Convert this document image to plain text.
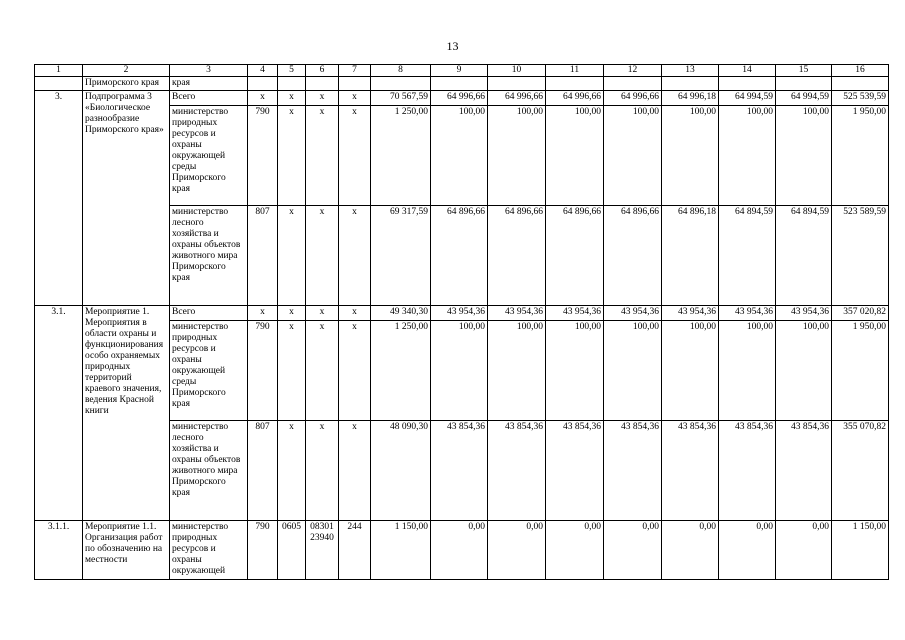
13
1	2	3	4	5	6	7	8	9	10	11	12	13	14	15	16
	Приморского края	края													
3.	Подпрограмма 3 «Биологическое разнообразие Приморского края»	Всего	х	х	х	х	70 567,59	64 996,66	64 996,66	64 996,66	64 996,66	64 996,18	64 994,59	64 994,59	525 539,59
		министерство природных ресурсов и охраны окружающей среды Приморского края	790	х	х	х	1 250,00	100,00	100,00	100,00	100,00	100,00	100,00	100,00	1 950,00
		министерство лесного хозяйства и охраны объектов животного мира Приморского края	807	х	х	х	69 317,59	64 896,66	64 896,66	64 896,66	64 896,66	64 896,18	64 894,59	64 894,59	523 589,59
3.1.	Мероприятие 1. Мероприятия в области охраны и функционирования особо охраняемых природных территорий краевого значения, ведения Красной книги	Всего	х	х	х	х	49 340,30	43 954,36	43 954,36	43 954,36	43 954,36	43 954,36	43 954,36	43 954,36	357 020,82
		министерство природных ресурсов и охраны окружающей среды Приморского края	790	х	х	х	1 250,00	100,00	100,00	100,00	100,00	100,00	100,00	100,00	1 950,00
		министерство лесного хозяйства и охраны объектов животного мира Приморского края	807	х	х	х	48 090,30	43 854,36	43 854,36	43 854,36	43 854,36	43 854,36	43 854,36	43 854,36	355 070,82
3.1.1.	Мероприятие 1.1. Организация работ по обозначению на местности	министерство природных ресурсов и охраны окружающей	790	0605	08301 23940	244	1 150,00	0,00	0,00	0,00	0,00	0,00	0,00	0,00	1 150,00
